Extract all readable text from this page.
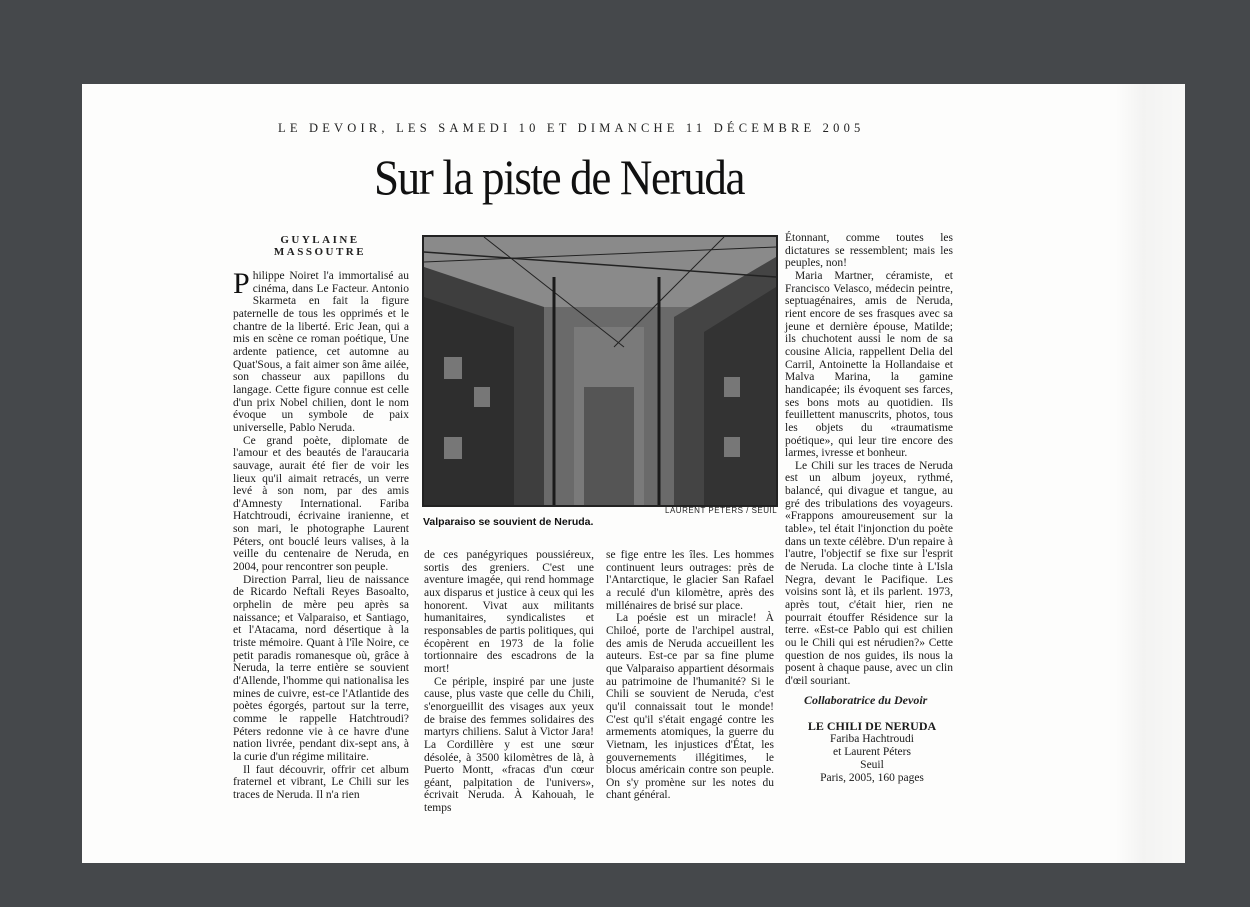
LE DEVOIR, LES SAMEDI 10 ET DIMANCHE 11 DÉCEMBRE 2005
Sur la piste de Neruda
GUYLAINE
MASSOUTRE

Philippe Noiret l'a immortalisé au cinéma, dans Le Facteur. Antonio Skarmeta en fait la figure paternelle de tous les opprimés et le chantre de la liberté. Eric Jean, qui a mis en scène ce roman poétique, Une ardente patience, cet automne au Quat'Sous, a fait aimer son âme ailée, son chasseur aux papillons du langage. Cette figure connue est celle d'un prix Nobel chilien, dont le nom évoque un symbole de paix universelle, Pablo Neruda.

Ce grand poète, diplomate de l'amour et des beautés de l'araucaria sauvage, aurait été fier de voir les lieux qu'il aimait retracés, un verre levé à son nom, par des amis d'Amnesty International. Fariba Hatchtroudi, écrivaine iranienne, et son mari, le photographe Laurent Péters, ont bouclé leurs valises, à la veille du centenaire de Neruda, en 2004, pour rencontrer son peuple.

Direction Parral, lieu de naissance de Ricardo Neftali Reyes Basoalto, orphelin de mère peu après sa naissance; et Valparaiso, et Santiago, et l'Atacama, nord désertique à la triste mémoire. Quant à l'île Noire, ce petit paradis romanesque où, grâce à Neruda, la terre entière se souvient d'Allende, l'homme qui nationalisa les mines de cuivre, est-ce l'Atlantide des poètes égorgés, partout sur la terre, comme le rappelle Hatchtroudi? Péters redonne vie à ce havre d'une nation livrée, pendant dix-sept ans, à la curie d'un régime militaire.

Il faut découvrir, offrir cet album fraternel et vibrant, Le Chili sur les traces de Neruda. Il n'a rien

LAURENT PÉTERS / SEUIL
Valparaiso se souvient de Neruda.

de ces panégyriques poussiéreux, sortis des greniers. C'est une aventure imagée, qui rend hommage aux disparus et justice à ceux qui les honorent. Vivat aux militants humanitaires, syndicalistes et responsables de partis politiques, qui écopèrent en 1973 de la folie tortionnaire des escadrons de la mort!

Ce périple, inspiré par une juste cause, plus vaste que celle du Chili, s'enorgueillit des visages aux yeux de braise des femmes solidaires des martyrs chiliens. Salut à Victor Jara! La Cordillère y est une sœur désolée, à 3500 kilomètres de là, à Puerto Montt, «fracas d'un cœur géant, palpitation de l'univers», écrivait Neruda. À Kahouah, le temps

se fige entre les îles. Les hommes continuent leurs outrages: près de l'Antarctique, le glacier San Rafael a reculé d'un kilomètre, après des millénaires de brisé sur place.

La poésie est un miracle! À Chiloé, porte de l'archipel austral, des amis de Neruda accueillent les auteurs. Est-ce par sa fine plume que Valparaiso appartient désormais au patrimoine de l'humanité? Si le Chili se souvient de Neruda, c'est qu'il connaissait tout le monde! C'est qu'il s'était engagé contre les armements atomiques, la guerre du Vietnam, les injustices d'État, les gouvernements illégitimes, le blocus américain contre son peuple. On s'y promène sur les notes du chant général.

Étonnant, comme toutes les dictatures se ressemblent; mais les peuples, non!

Maria Martner, céramiste, et Francisco Velasco, médecin peintre, septuagénaires, amis de Neruda, rient encore de ses frasques avec sa jeune et dernière épouse, Matilde; ils chuchotent aussi le nom de sa cousine Alicia, rappellent Delia del Carril, Antoinette la Hollandaise et Malva Marina, la gamine handicapée; ils évoquent ses farces, ses bons mots au quotidien. Ils feuillettent manuscrits, photos, tous les objets du «traumatisme poétique», qui leur tire encore des larmes, ivresse et bonheur.

Le Chili sur les traces de Neruda est un album joyeux, rythmé, balancé, qui divague et tangue, au gré des tribulations des voyageurs. «Frappons amoureusement sur la table», tel était l'injonction du poète dans un texte célèbre. D'un repaire à l'autre, l'objectif se fixe sur l'esprit de Neruda. La cloche tinte à L'Isla Negra, devant le Pacifique. Les voisins sont là, et ils parlent. 1973, après tout, c'était hier, rien ne pourrait étouffer Résidence sur la terre. «Est-ce Pablo qui est chilien ou le Chili qui est nérudien?» Cette question de nos guides, ils nous la posent à chaque pause, avec un clin d'œil souriant.

Collaboratrice du Devoir
LE CHILI DE NERUDA
Fariba Hachtroudi
et Laurent Péters
Seuil
Paris, 2005, 160 pages
